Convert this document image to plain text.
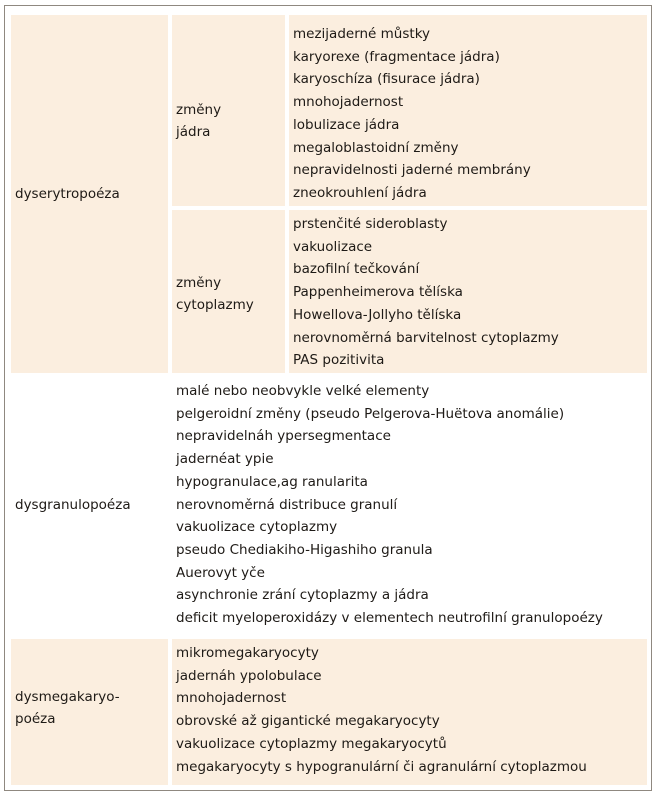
dyserytropoéza
změny
jádra
mezijaderné můstky
karyorexe (fragmentace jádra)
karyoschíza (fisurace jádra)
mnohojadernost
lobulizace jádra
megaloblastoidní změny
nepravidelnosti jaderné membrány
zneokrouhlení jádra
změny
cytoplazmy
prstenčité sideroblasty
vakuolizace
bazofilní tečkování
Pappenheimerova tělíska
Howellova-Jollyho tělíska
nerovnoměrná barvitelnost cytoplazmy
PAS pozitivita
dysgranulopoéza
malé nebo neobvykle velké elementy
pelgeroidní změny (pseudo Pelgerova-Huëtova anomálie)
nepravidelnáh ypersegmentace
jadernéat ypie
hypogranulace,ag ranularita
nerovnoměrná distribuce granulí
vakuolizace cytoplazmy
pseudo Chediakiho-Higashiho granula
Auerovyt yče
asynchronie zrání cytoplazmy a jádra
deficit myeloperoxidázy v elementech neutrofilní granulopoézy
dysmegakaryo-
poéza
mikromegakaryocyty
jadernáh ypolobulace
mnohojadernost
obrovské až gigantické megakaryocyty
vakuolizace cytoplazmy megakaryocytů
megakaryocyty s hypogranulární či agranulární cytoplazmou
